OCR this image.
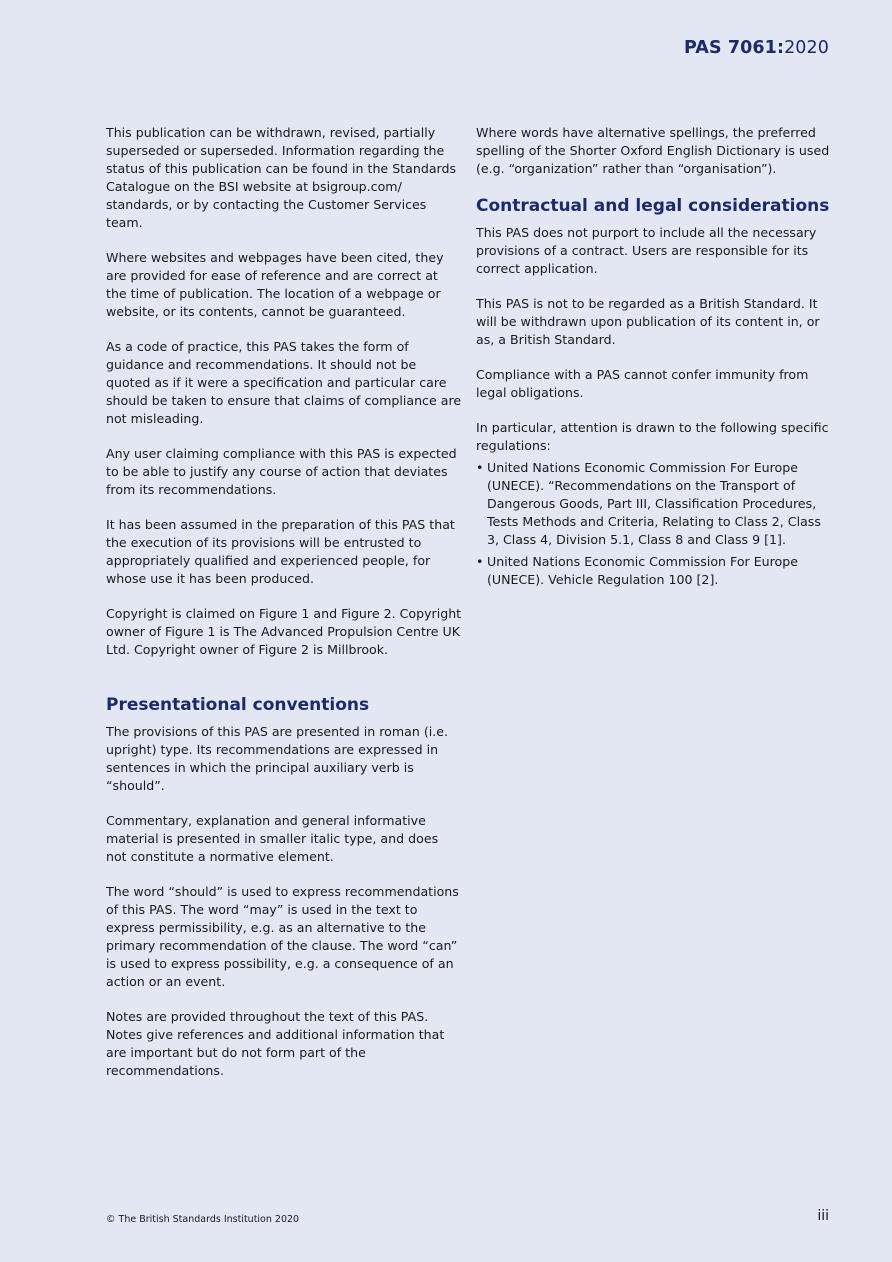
PAS 7061:2020

This publication can be withdrawn, revised, partially superseded or superseded. Information regarding the status of this publication can be found in the Standards Catalogue on the BSI website at bsigroup.com/ standards, or by contacting the Customer Services team.

Where websites and webpages have been cited, they are provided for ease of reference and are correct at the time of publication. The location of a webpage or website, or its contents, cannot be guaranteed.

As a code of practice, this PAS takes the form of guidance and recommendations. It should not be quoted as if it were a specification and particular care should be taken to ensure that claims of compliance are not misleading.

Any user claiming compliance with this PAS is expected to be able to justify any course of action that deviates from its recommendations.

It has been assumed in the preparation of this PAS that the execution of its provisions will be entrusted to appropriately qualified and experienced people, for whose use it has been produced.

Copyright is claimed on Figure 1 and Figure 2. Copyright owner of Figure 1 is The Advanced Propulsion Centre UK Ltd. Copyright owner of Figure 2 is Millbrook.

Presentational conventions

The provisions of this PAS are presented in roman (i.e. upright) type. Its recommendations are expressed in sentences in which the principal auxiliary verb is “should”.

Commentary, explanation and general informative material is presented in smaller italic type, and does not constitute a normative element.

The word “should” is used to express recommendations of this PAS. The word “may” is used in the text to express permissibility, e.g. as an alternative to the primary recommendation of the clause. The word “can” is used to express possibility, e.g. a consequence of an action or an event.

Notes are provided throughout the text of this PAS. Notes give references and additional information that are important but do not form part of the recommendations.

Where words have alternative spellings, the preferred spelling of the Shorter Oxford English Dictionary is used (e.g. “organization” rather than “organisation”).

Contractual and legal considerations

This PAS does not purport to include all the necessary provisions of a contract. Users are responsible for its correct application.

This PAS is not to be regarded as a British Standard. It will be withdrawn upon publication of its content in, or as, a British Standard.

Compliance with a PAS cannot confer immunity from legal obligations.

In particular, attention is drawn to the following specific regulations:

• United Nations Economic Commission For Europe (UNECE). “Recommendations on the Transport of Dangerous Goods, Part III, Classification Procedures, Tests Methods and Criteria, Relating to Class 2, Class 3, Class 4, Division 5.1, Class 8 and Class 9 [1].
• United Nations Economic Commission For Europe (UNECE). Vehicle Regulation 100 [2].
© The British Standards Institution 2020	iii
